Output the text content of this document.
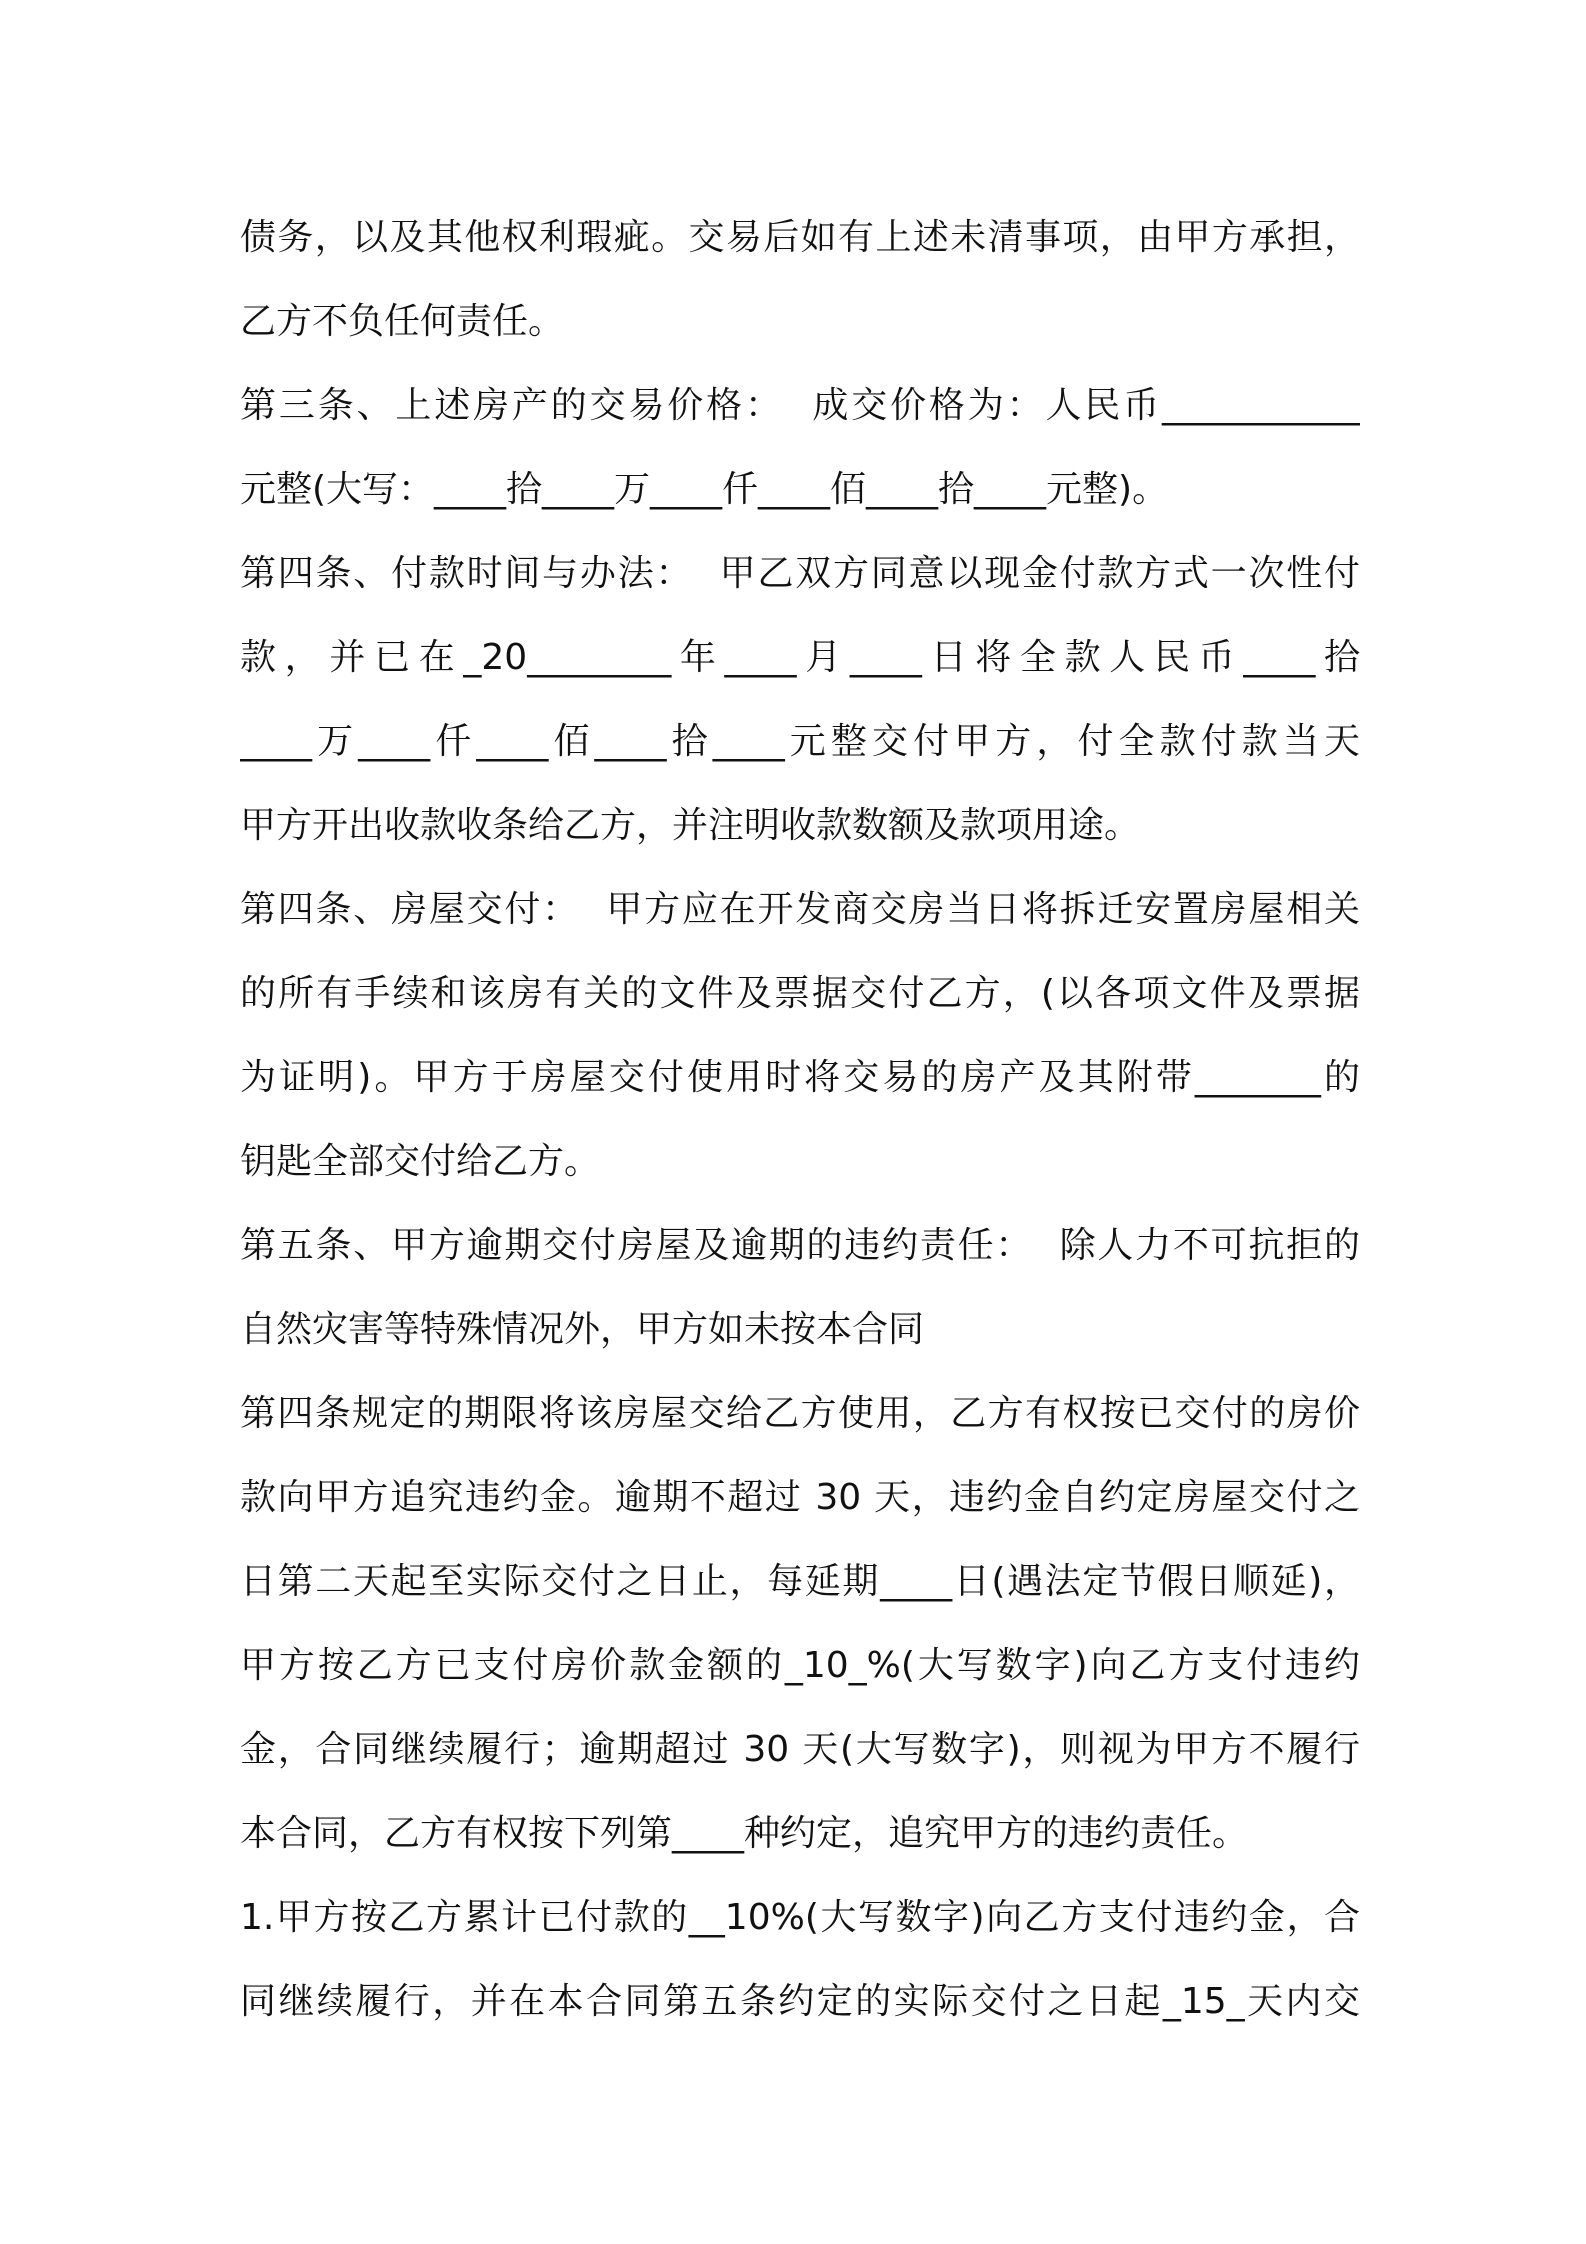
债务，以及其他权利瑕疵。交易后如有上述未清事项，由甲方承担，
乙方不负任何责任。
第三条、上述房产的交易价格：  成交价格为：人民币___________
元整(大写：____拾____万____仟____佰____拾____元整)。
第四条、付款时间与办法：  甲乙双方同意以现金付款方式一次性付
款，并已在_20________年____月____日将全款人民币____拾
____万____仟____佰____拾____元整交付甲方，付全款付款当天
甲方开出收款收条给乙方，并注明收款数额及款项用途。
第四条、房屋交付：  甲方应在开发商交房当日将拆迁安置房屋相关
的所有手续和该房有关的文件及票据交付乙方，(以各项文件及票据
为证明)。甲方于房屋交付使用时将交易的房产及其附带_______的
钥匙全部交付给乙方。
第五条、甲方逾期交付房屋及逾期的违约责任：  除人力不可抗拒的
自然灾害等特殊情况外，甲方如未按本合同
第四条规定的期限将该房屋交给乙方使用，乙方有权按已交付的房价
款向甲方追究违约金。逾期不超过 30 天，违约金自约定房屋交付之
日第二天起至实际交付之日止，每延期____日(遇法定节假日顺延)，
甲方按乙方已支付房价款金额的_10_%(大写数字)向乙方支付违约
金，合同继续履行；逾期超过 30 天(大写数字)，则视为甲方不履行
本合同，乙方有权按下列第____种约定，追究甲方的违约责任。
1.甲方按乙方累计已付款的__10%(大写数字)向乙方支付违约金，合
同继续履行，并在本合同第五条约定的实际交付之日起_15_天内交
